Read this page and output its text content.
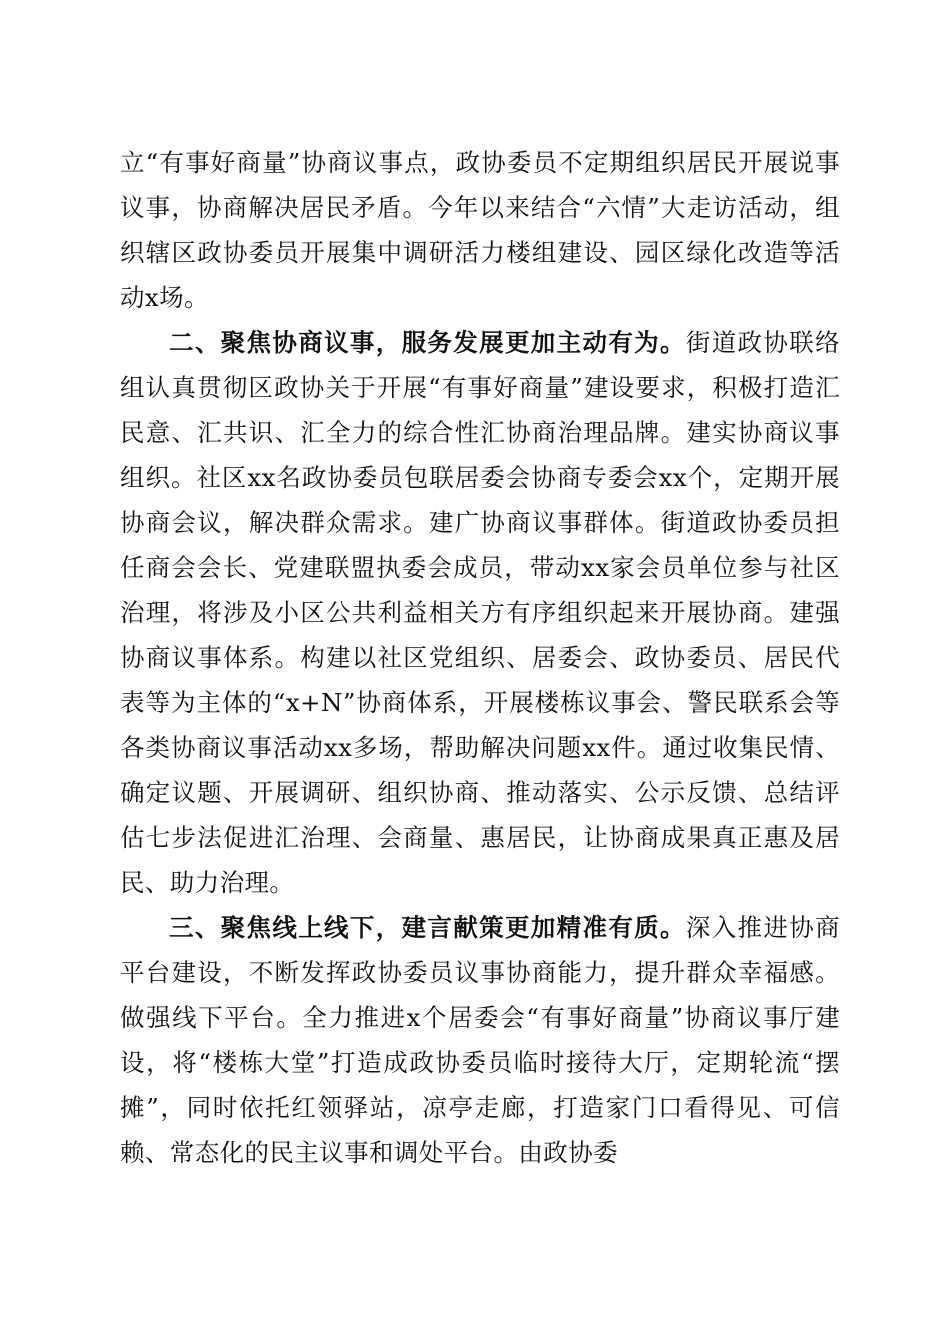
立“有事好商量”协商议事点，政协委员不定期组织居民开展说事议事，协商解决居民矛盾。今年以来结合“六情”大走访活动，组织辖区政协委员开展集中调研活力楼组建设、园区绿化改造等活动x场。

二、聚焦协商议事，服务发展更加主动有为。街道政协联络组认真贯彻区政协关于开展“有事好商量”建设要求，积极打造汇民意、汇共识、汇全力的综合性汇协商治理品牌。建实协商议事组织。社区xx名政协委员包联居委会协商专委会xx个，定期开展协商会议，解决群众需求。建广协商议事群体。街道政协委员担任商会会长、党建联盟执委会成员，带动xx家会员单位参与社区治理，将涉及小区公共利益相关方有序组织起来开展协商。建强协商议事体系。构建以社区党组织、居委会、政协委员、居民代表等为主体的“x+N”协商体系，开展楼栋议事会、警民联系会等各类协商议事活动xx多场，帮助解决问题xx件。通过收集民情、确定议题、开展调研、组织协商、推动落实、公示反馈、总结评估七步法促进汇治理、会商量、惠居民，让协商成果真正惠及居民、助力治理。

三、聚焦线上线下，建言献策更加精准有质。深入推进协商平台建设，不断发挥政协委员议事协商能力，提升群众幸福感。做强线下平台。全力推进x个居委会“有事好商量”协商议事厅建设，将“楼栋大堂”打造成政协委员临时接待大厅，定期轮流“摆摊”，同时依托红领驿站，凉亭走廊，打造家门口看得见、可信赖、常态化的民主议事和调处平台。由政协委
